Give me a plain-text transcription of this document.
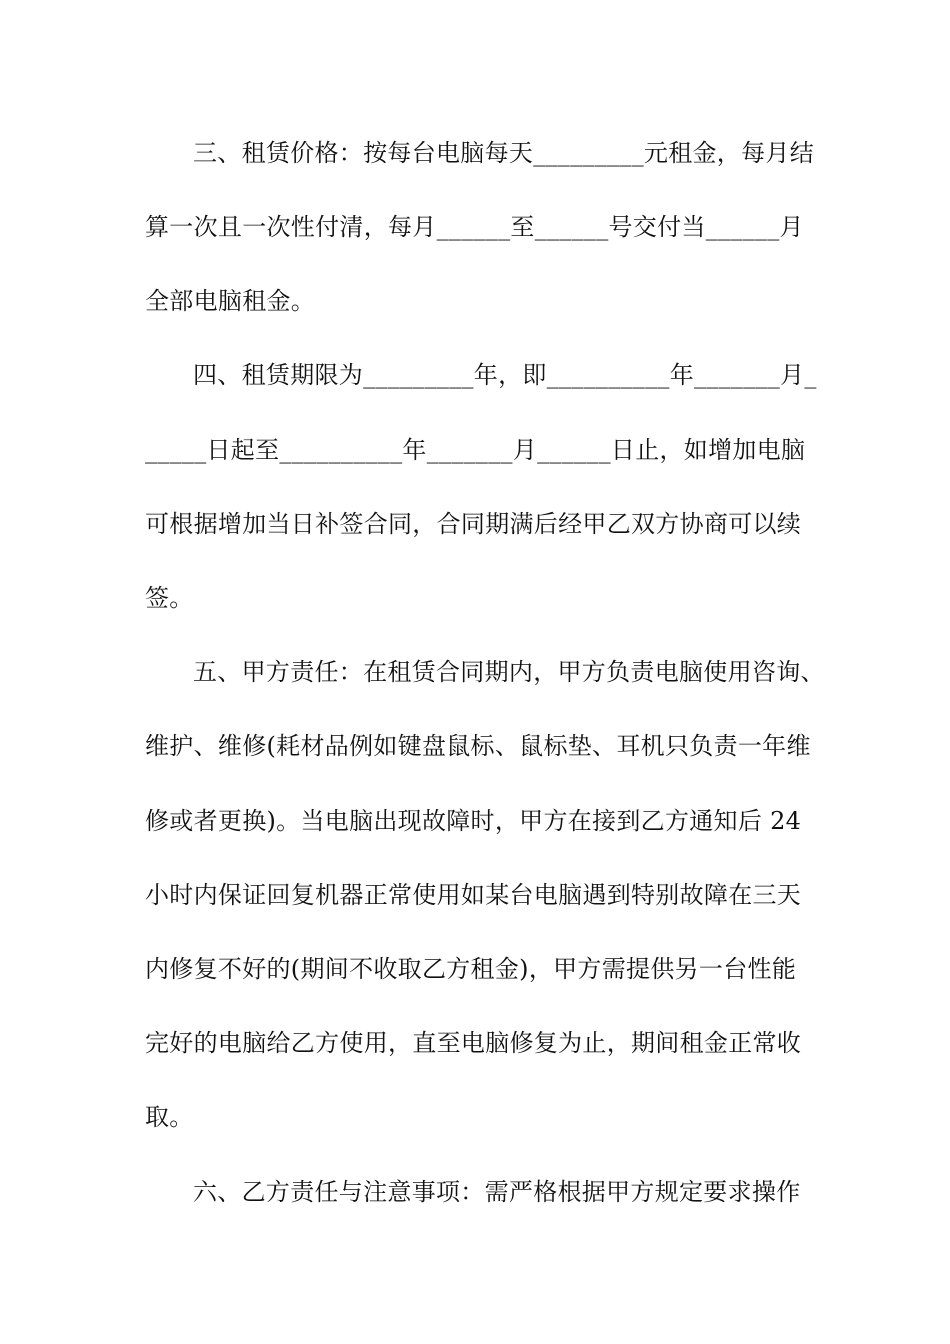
三、租赁价格：按每台电脑每天_________元租金，每月结
算一次且一次性付清，每月______至______号交付当______月
全部电脑租金。
四、租赁期限为_________年，即__________年_______月_
_____日起至__________年_______月______日止，如增加电脑
可根据增加当日补签合同，合同期满后经甲乙双方协商可以续
签。
五、甲方责任：在租赁合同期内，甲方负责电脑使用咨询、
维护、维修(耗材品例如键盘鼠标、鼠标垫、耳机只负责一年维
修或者更换)。当电脑出现故障时，甲方在接到乙方通知后 24
小时内保证回复机器正常使用如某台电脑遇到特别故障在三天
内修复不好的(期间不收取乙方租金)，甲方需提供另一台性能
完好的电脑给乙方使用，直至电脑修复为止，期间租金正常收
取。
六、乙方责任与注意事项：需严格根据甲方规定要求操作
